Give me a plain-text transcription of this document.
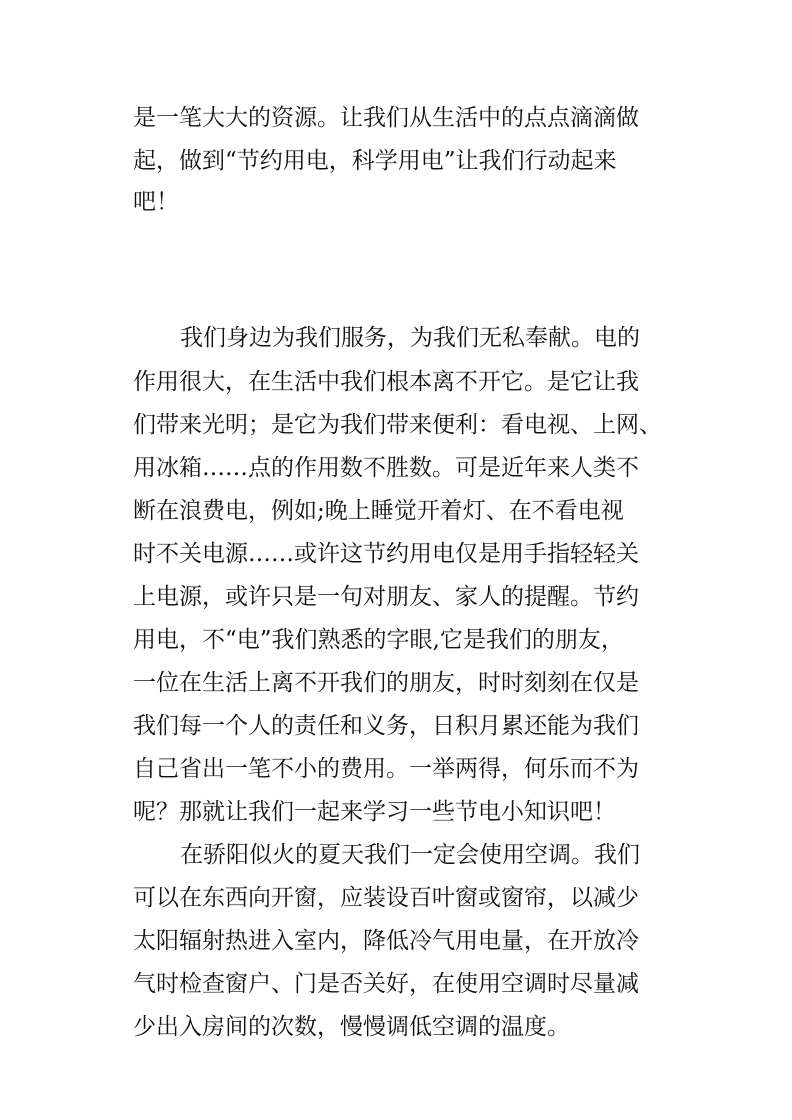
是一笔大大的资源。让我们从生活中的点点滴滴做
起，做到“节约用电，科学用电”让我们行动起来
吧！
我们身边为我们服务，为我们无私奉献。电的
作用很大，在生活中我们根本离不开它。是它让我
们带来光明；是它为我们带来便利：看电视、上网、
用冰箱……点的作用数不胜数。可是近年来人类不
断在浪费电，例如;晚上睡觉开着灯、在不看电视
时不关电源……或许这节约用电仅是用手指轻轻关
上电源，或许只是一句对朋友、家人的提醒。节约
用电，不“电”我们熟悉的字眼,它是我们的朋友，
一位在生活上离不开我们的朋友，时时刻刻在仅是
我们每一个人的责任和义务，日积月累还能为我们
自己省出一笔不小的费用。一举两得，何乐而不为
呢？那就让我们一起来学习一些节电小知识吧！
在骄阳似火的夏天我们一定会使用空调。我们
可以在东西向开窗，应装设百叶窗或窗帘，以减少
太阳辐射热进入室内，降低冷气用电量，在开放冷
气时检查窗户、门是否关好，在使用空调时尽量减
少出入房间的次数，慢慢调低空调的温度。
